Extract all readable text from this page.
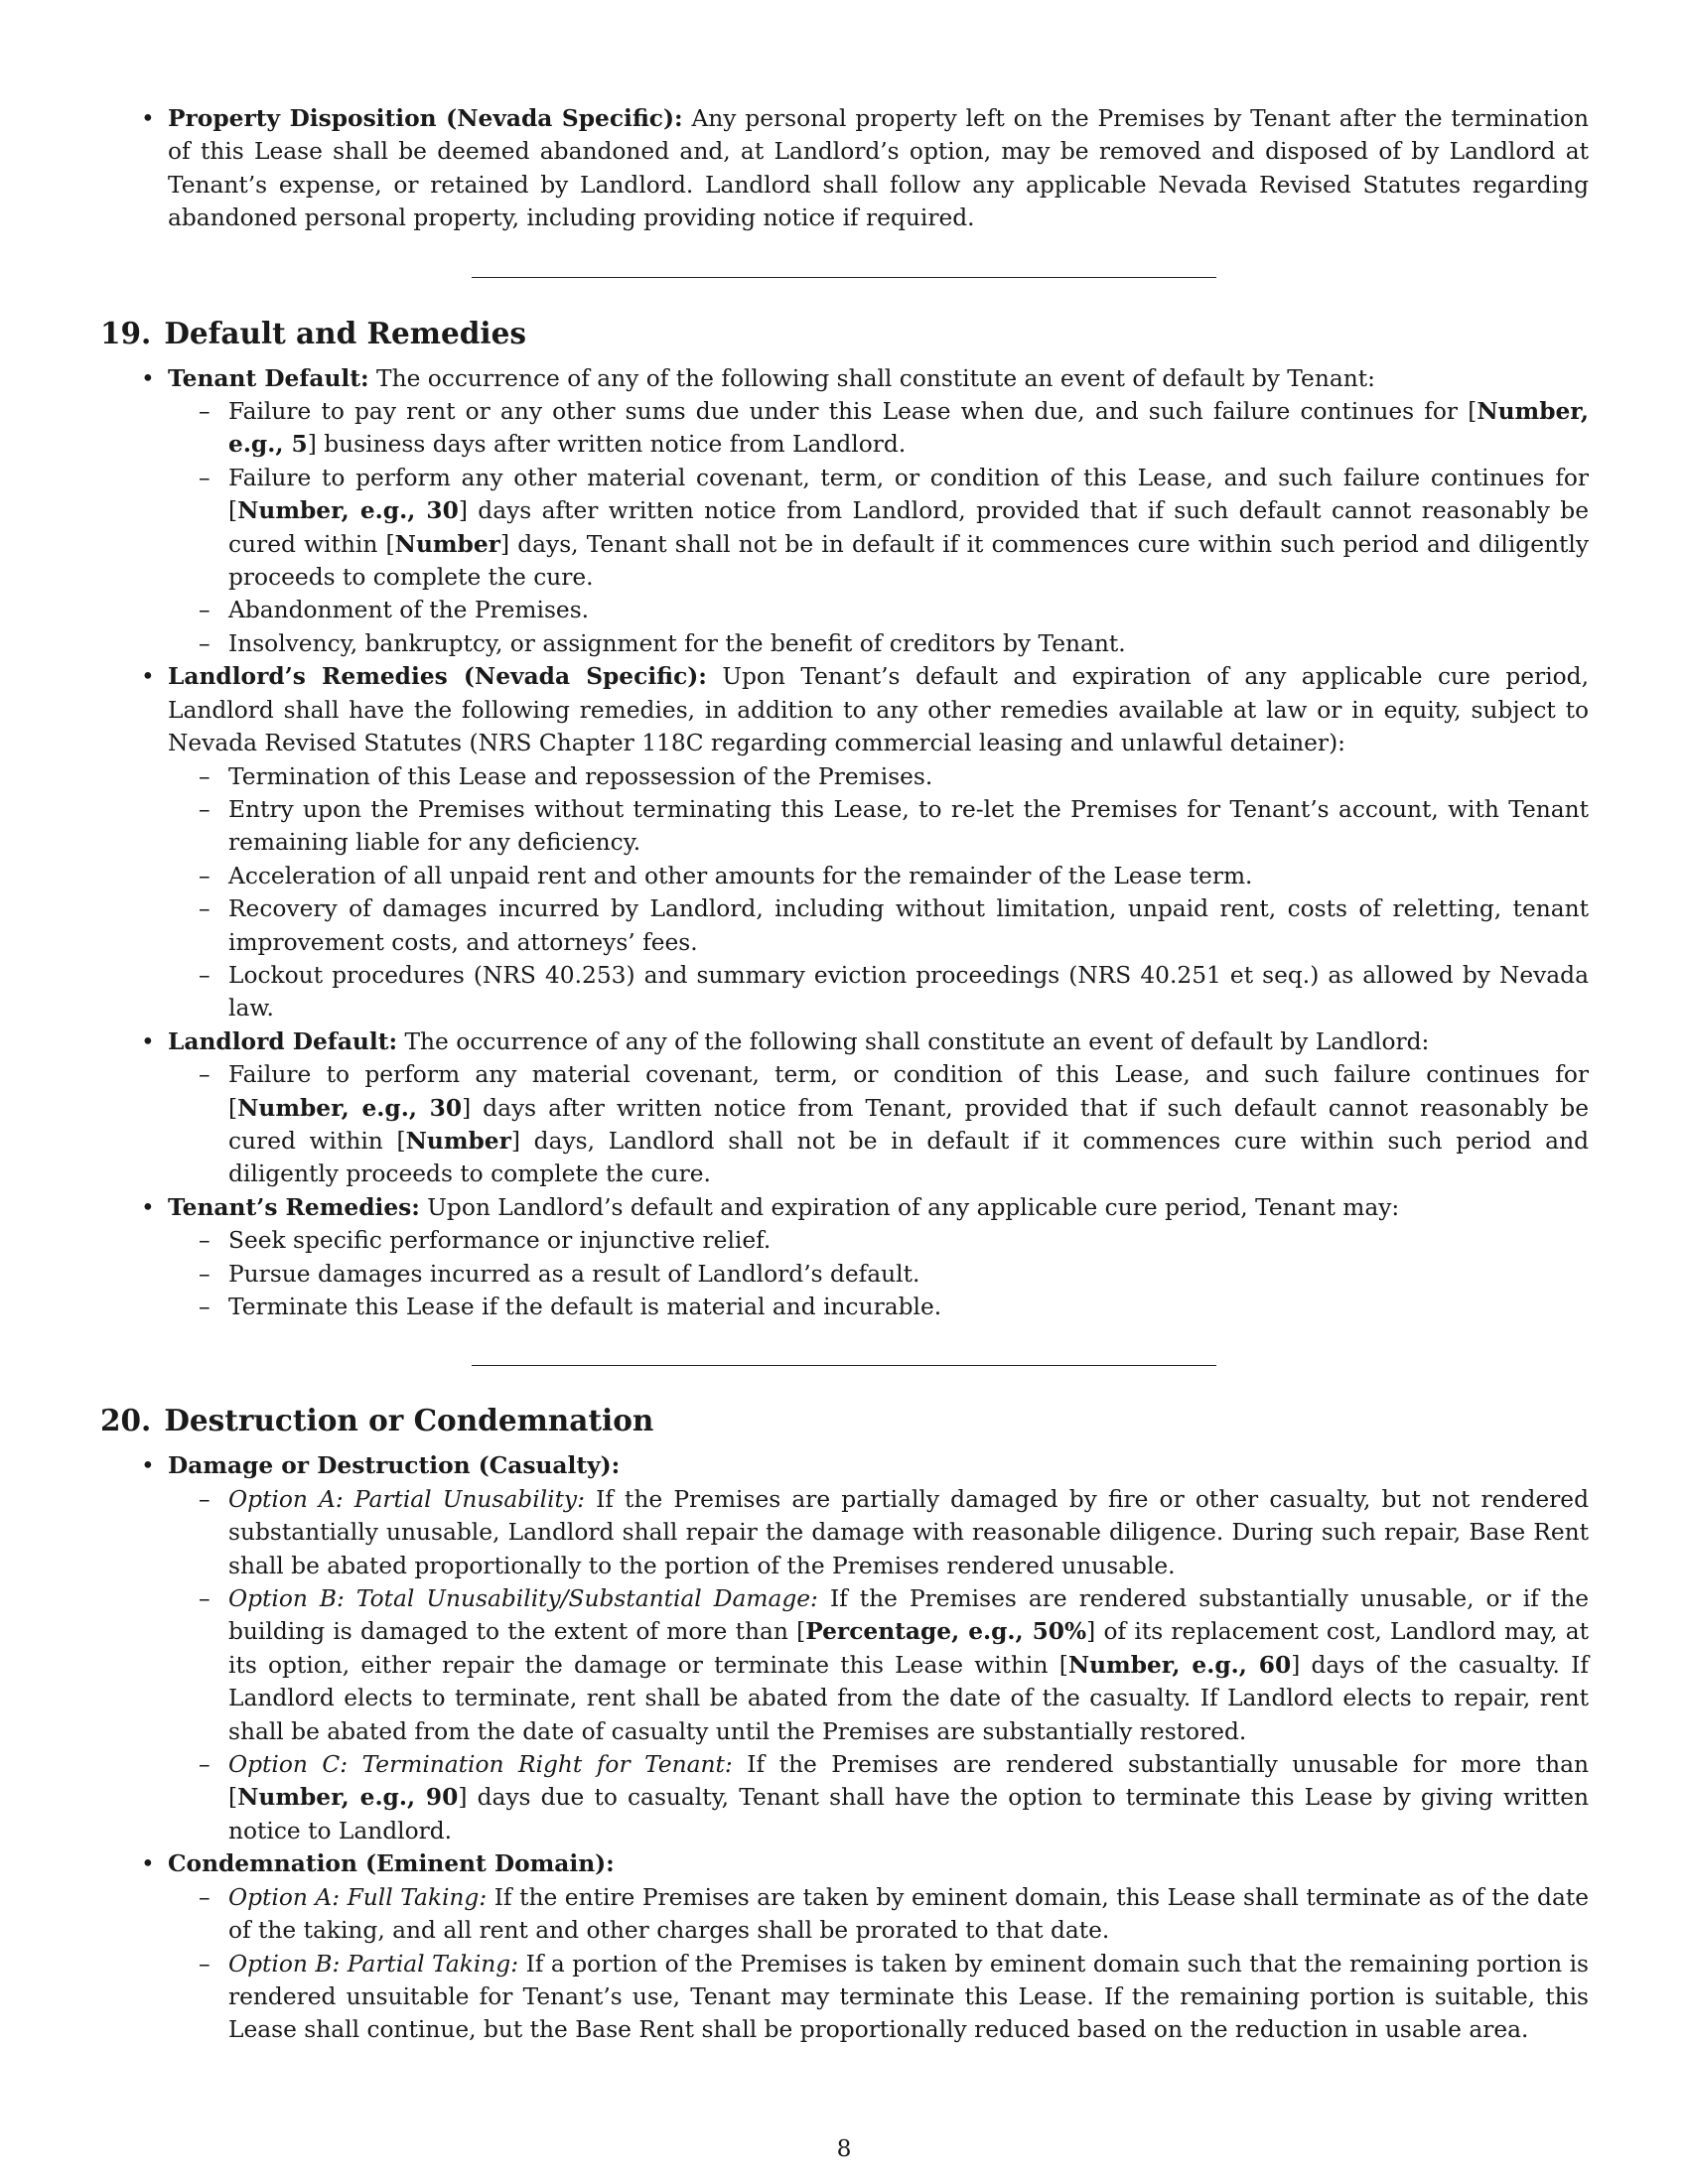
• Property Disposition (Nevada Specific): Any personal property left on the Premises by Tenant after the termination of this Lease shall be deemed abandoned and, at Landlord’s option, may be removed and disposed of by Landlord at Tenant’s expense, or retained by Landlord. Landlord shall follow any applicable Nevada Revised Statutes regarding abandoned personal property, including providing notice if required.
19. Default and Remedies
• Tenant Default: The occurrence of any of the following shall constitute an event of default by Tenant:
– Failure to pay rent or any other sums due under this Lease when due, and such failure continues for [Number, e.g., 5] business days after written notice from Landlord.
– Failure to perform any other material covenant, term, or condition of this Lease, and such failure continues for [Number, e.g., 30] days after written notice from Landlord, provided that if such default cannot reasonably be cured within [Number] days, Tenant shall not be in default if it commences cure within such period and diligently proceeds to complete the cure.
– Abandonment of the Premises.
– Insolvency, bankruptcy, or assignment for the benefit of creditors by Tenant.
• Landlord’s Remedies (Nevada Specific): Upon Tenant’s default and expiration of any applicable cure period, Landlord shall have the following remedies, in addition to any other remedies available at law or in equity, subject to Nevada Revised Statutes (NRS Chapter 118C regarding commercial leasing and unlawful detainer):
– Termination of this Lease and repossession of the Premises.
– Entry upon the Premises without terminating this Lease, to re-let the Premises for Tenant’s account, with Tenant remaining liable for any deficiency.
– Acceleration of all unpaid rent and other amounts for the remainder of the Lease term.
– Recovery of damages incurred by Landlord, including without limitation, unpaid rent, costs of reletting, tenant improvement costs, and attorneys’ fees.
– Lockout procedures (NRS 40.253) and summary eviction proceedings (NRS 40.251 et seq.) as allowed by Nevada law.
• Landlord Default: The occurrence of any of the following shall constitute an event of default by Landlord:
– Failure to perform any material covenant, term, or condition of this Lease, and such failure continues for [Number, e.g., 30] days after written notice from Tenant, provided that if such default cannot reasonably be cured within [Number] days, Landlord shall not be in default if it commences cure within such period and diligently proceeds to complete the cure.
• Tenant’s Remedies: Upon Landlord’s default and expiration of any applicable cure period, Tenant may:
– Seek specific performance or injunctive relief.
– Pursue damages incurred as a result of Landlord’s default.
– Terminate this Lease if the default is material and incurable.
20. Destruction or Condemnation
• Damage or Destruction (Casualty):
– Option A: Partial Unusability: If the Premises are partially damaged by fire or other casualty, but not rendered substantially unusable, Landlord shall repair the damage with reasonable diligence. During such repair, Base Rent shall be abated proportionally to the portion of the Premises rendered unusable.
– Option B: Total Unusability/Substantial Damage: If the Premises are rendered substantially unusable, or if the building is damaged to the extent of more than [Percentage, e.g., 50%] of its replacement cost, Landlord may, at its option, either repair the damage or terminate this Lease within [Number, e.g., 60] days of the casualty. If Landlord elects to terminate, rent shall be abated from the date of the casualty. If Landlord elects to repair, rent shall be abated from the date of casualty until the Premises are substantially restored.
– Option C: Termination Right for Tenant: If the Premises are rendered substantially unusable for more than [Number, e.g., 90] days due to casualty, Tenant shall have the option to terminate this Lease by giving written notice to Landlord.
• Condemnation (Eminent Domain):
– Option A: Full Taking: If the entire Premises are taken by eminent domain, this Lease shall terminate as of the date of the taking, and all rent and other charges shall be prorated to that date.
– Option B: Partial Taking: If a portion of the Premises is taken by eminent domain such that the remaining portion is rendered unsuitable for Tenant’s use, Tenant may terminate this Lease. If the remaining portion is suitable, this Lease shall continue, but the Base Rent shall be proportionally reduced based on the reduction in usable area.
8
